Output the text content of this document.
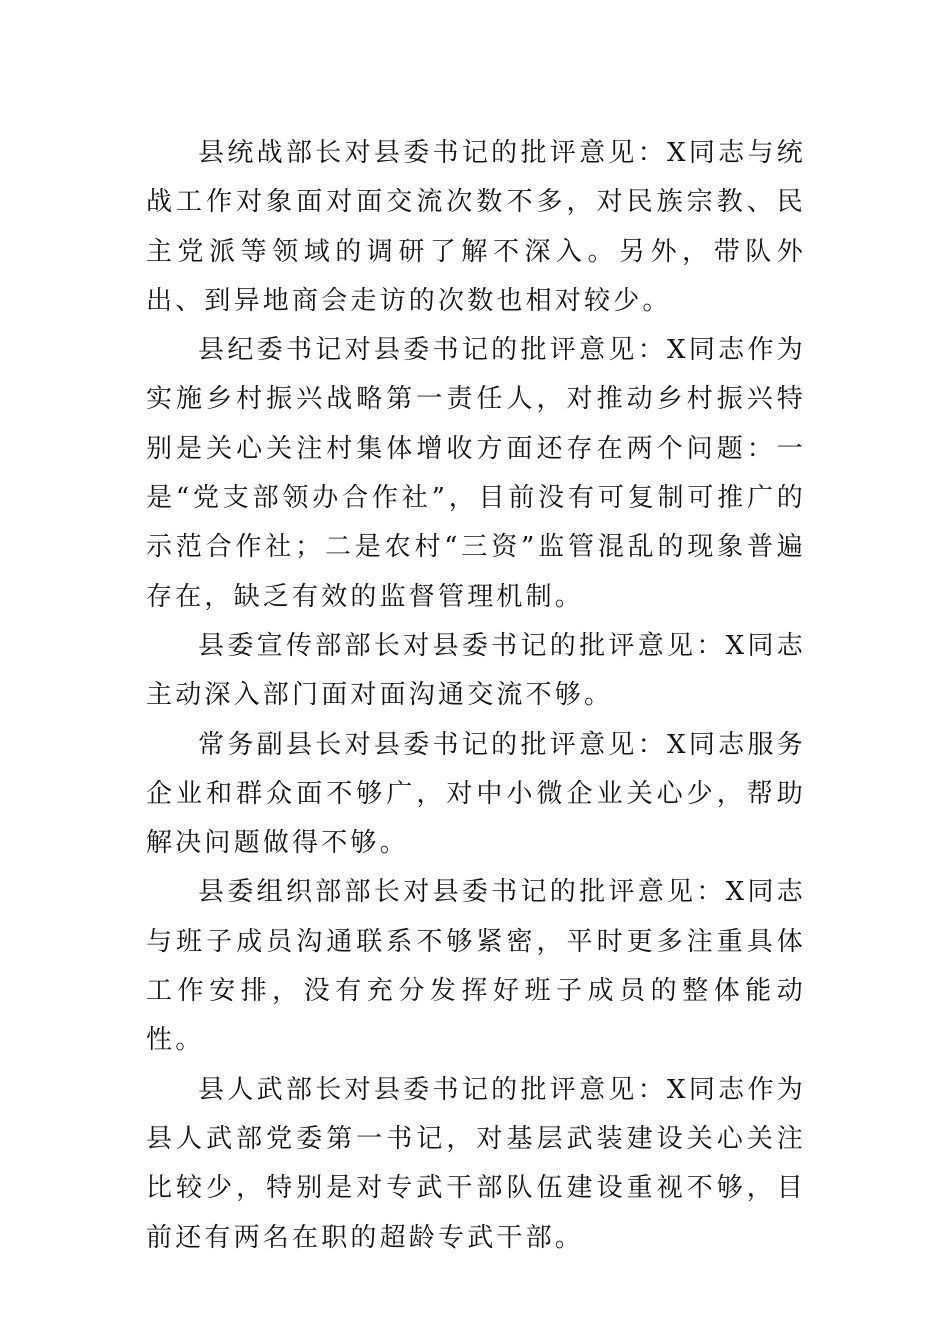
县统战部长对县委书记的批评意见：X同志与统战工作对象面对面交流次数不多，对民族宗教、民主党派等领域的调研了解不深入。另外，带队外出、到异地商会走访的次数也相对较少。

县纪委书记对县委书记的批评意见：X同志作为实施乡村振兴战略第一责任人，对推动乡村振兴特别是关心关注村集体增收方面还存在两个问题：一是“党支部领办合作社”，目前没有可复制可推广的示范合作社；二是农村“三资”监管混乱的现象普遍存在，缺乏有效的监督管理机制。

县委宣传部部长对县委书记的批评意见：X同志主动深入部门面对面沟通交流不够。

常务副县长对县委书记的批评意见：X同志服务企业和群众面不够广，对中小微企业关心少，帮助解决问题做得不够。

县委组织部部长对县委书记的批评意见：X同志与班子成员沟通联系不够紧密，平时更多注重具体工作安排，没有充分发挥好班子成员的整体能动性。

县人武部长对县委书记的批评意见：X同志作为县人武部党委第一书记，对基层武装建设关心关注比较少，特别是对专武干部队伍建设重视不够，目前还有两名在职的超龄专武干部。
